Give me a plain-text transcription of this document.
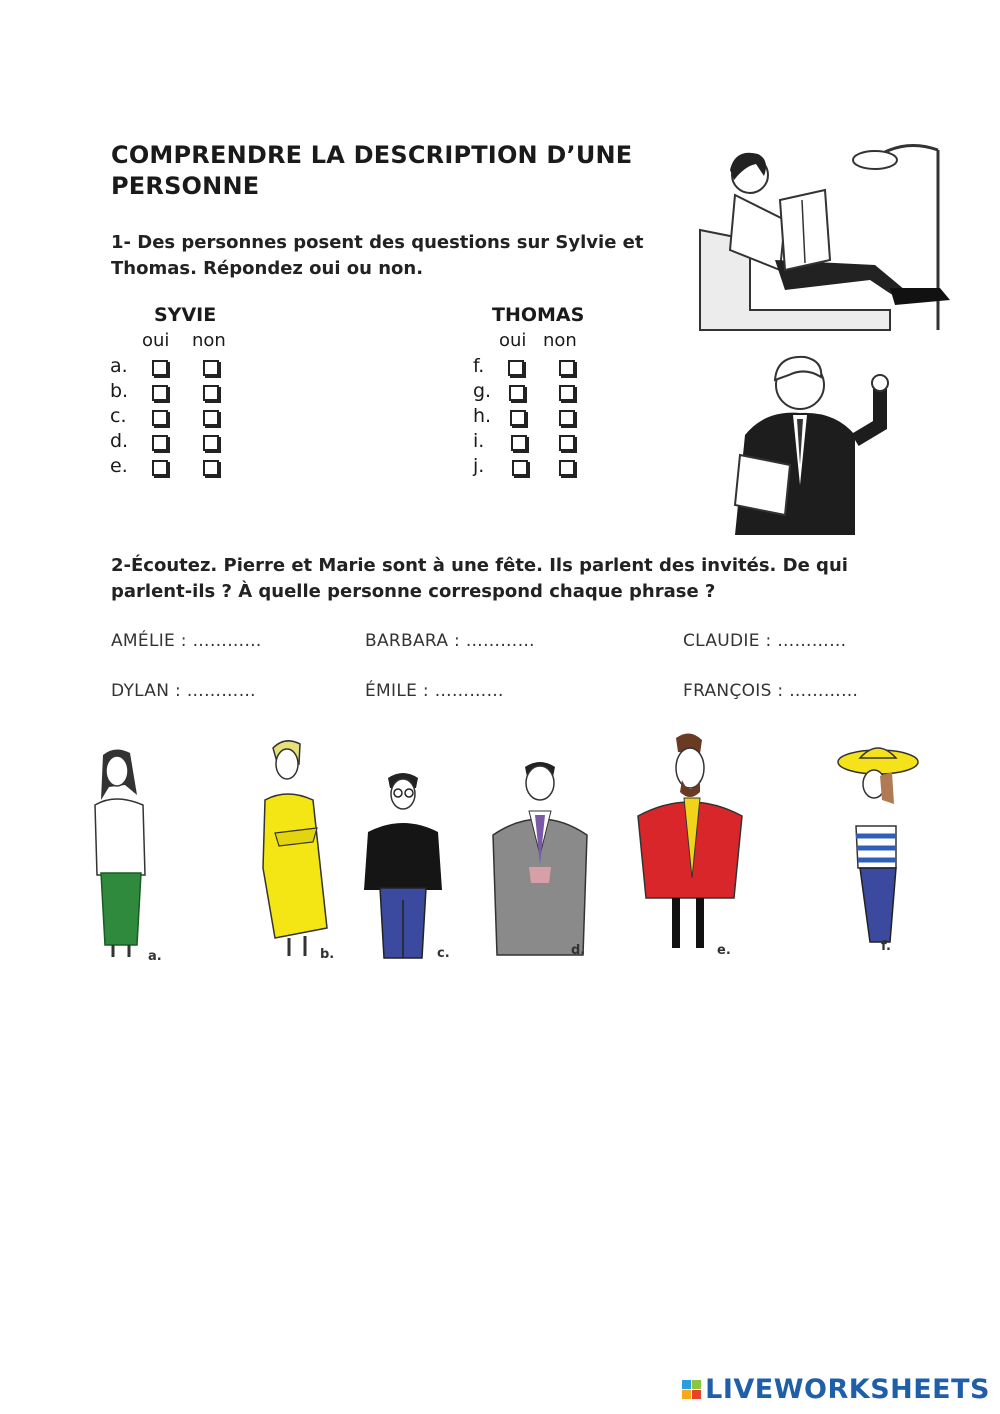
COMPRENDRE LA DESCRIPTION D’UNE
PERSONNE
1- Des personnes posent des questions sur Sylvie et
Thomas. Répondez oui ou non.
SYVIE
oui non
a.
b.
c.
d.
e.
THOMAS
oui non
f.
g.
h.
i.
j.
2-Écoutez. Pierre et Marie sont à une fête. Ils parlent des invités. De qui
parlent-ils ? À quelle personne correspond chaque phrase ?
AMÉLIE : …………	BARBARA : …………	CLAUDIE : …………
DYLAN : …………	ÉMILE : …………	FRANÇOIS : …………
a.	b.	c.	d.	e.	f.
LIVEWORKSHEETS
